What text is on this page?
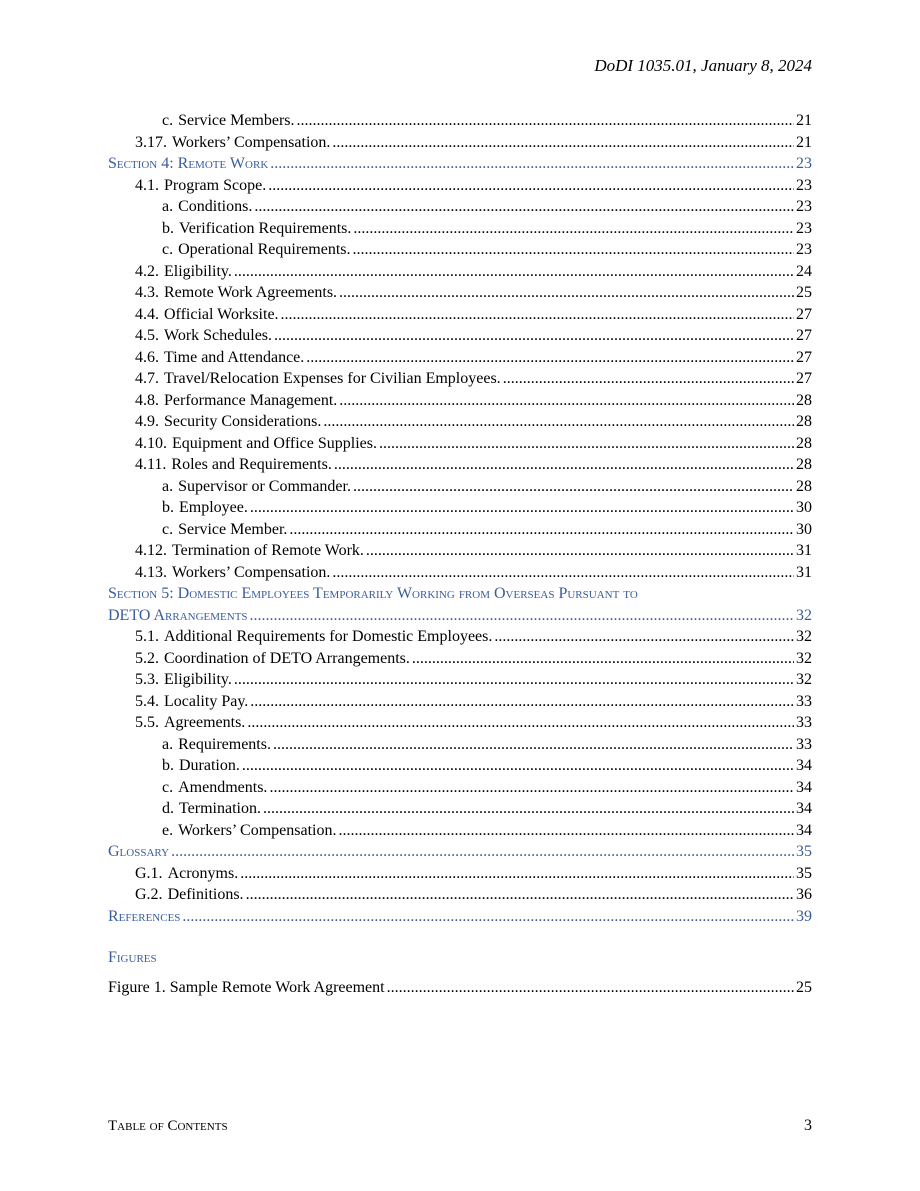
DoDI 1035.01, January 8, 2024
c. Service Members. .....	21
3.17. Workers’ Compensation. .....	21
Section 4: Remote Work .....	23
4.1. Program Scope. .....	23
a. Conditions. .....	23
b. Verification Requirements. .....	23
c. Operational Requirements. .....	23
4.2. Eligibility. .....	24
4.3. Remote Work Agreements. .....	25
4.4. Official Worksite. .....	27
4.5. Work Schedules. .....	27
4.6. Time and Attendance. .....	27
4.7. Travel/Relocation Expenses for Civilian Employees. .....	27
4.8. Performance Management. .....	28
4.9. Security Considerations. .....	28
4.10. Equipment and Office Supplies. .....	28
4.11. Roles and Requirements. .....	28
a. Supervisor or Commander. .....	28
b. Employee. .....	30
c. Service Member. .....	30
4.12. Termination of Remote Work. .....	31
4.13. Workers’ Compensation. .....	31
Section 5: Domestic Employees Temporarily Working from Overseas Pursuant to
DETO Arrangements .....	32
5.1. Additional Requirements for Domestic Employees. .....	32
5.2. Coordination of DETO Arrangements. .....	32
5.3. Eligibility. .....	32
5.4. Locality Pay. .....	33
5.5. Agreements. .....	33
a. Requirements. .....	33
b. Duration. .....	34
c. Amendments. .....	34
d. Termination. .....	34
e. Workers’ Compensation. .....	34
Glossary .....	35
G.1. Acronyms. .....	35
G.2. Definitions. .....	36
References .....	39
Figures
Figure 1. Sample Remote Work Agreement .....	25
Table of Contents	3
